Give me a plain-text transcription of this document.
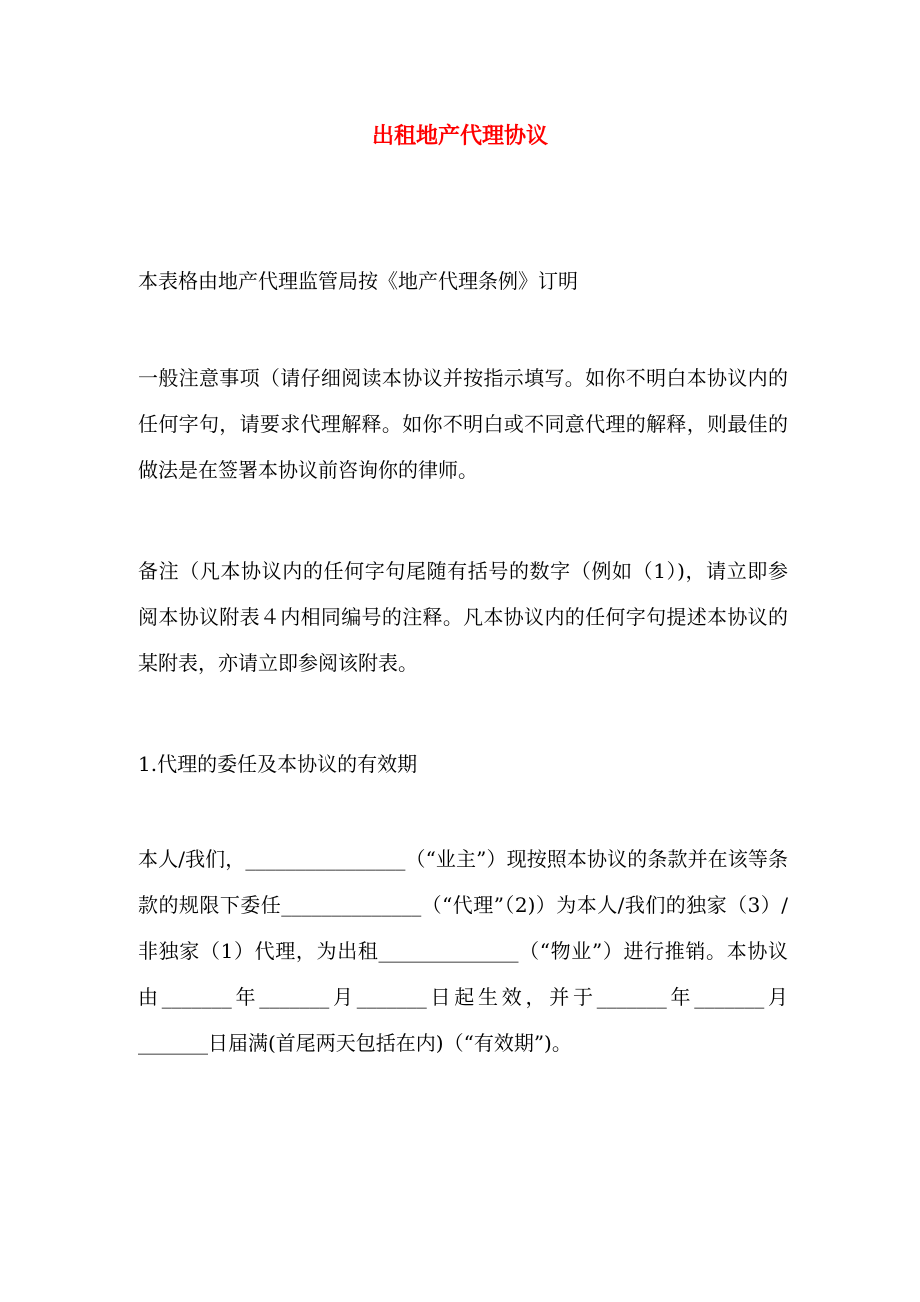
出租地产代理协议

本表格由地产代理监管局按《地产代理条例》订明

一般注意事项（请仔细阅读本协议并按指示填写。如你不明白本协议内的任何字句，请要求代理解释。如你不明白或不同意代理的解释，则最佳的做法是在签署本协议前咨询你的律师。

备注（凡本协议内的任何字句尾随有括号的数字（例如（1）)，请立即参阅本协议附表４内相同编号的注释。凡本协议内的任何字句提述本协议的某附表，亦请立即参阅该附表。

1.代理的委任及本协议的有效期

本人/我们，________________（“业主”）现按照本协议的条款并在该等条款的规限下委任______________（“代理”（2)）为本人/我们的独家（3）/非独家（1）代理，为出租______________（“物业”）进行推销。本协议由_______年_______月_______日起生效，并于_______年_______月_______日届满(首尾两天包括在内)（“有效期”)。
